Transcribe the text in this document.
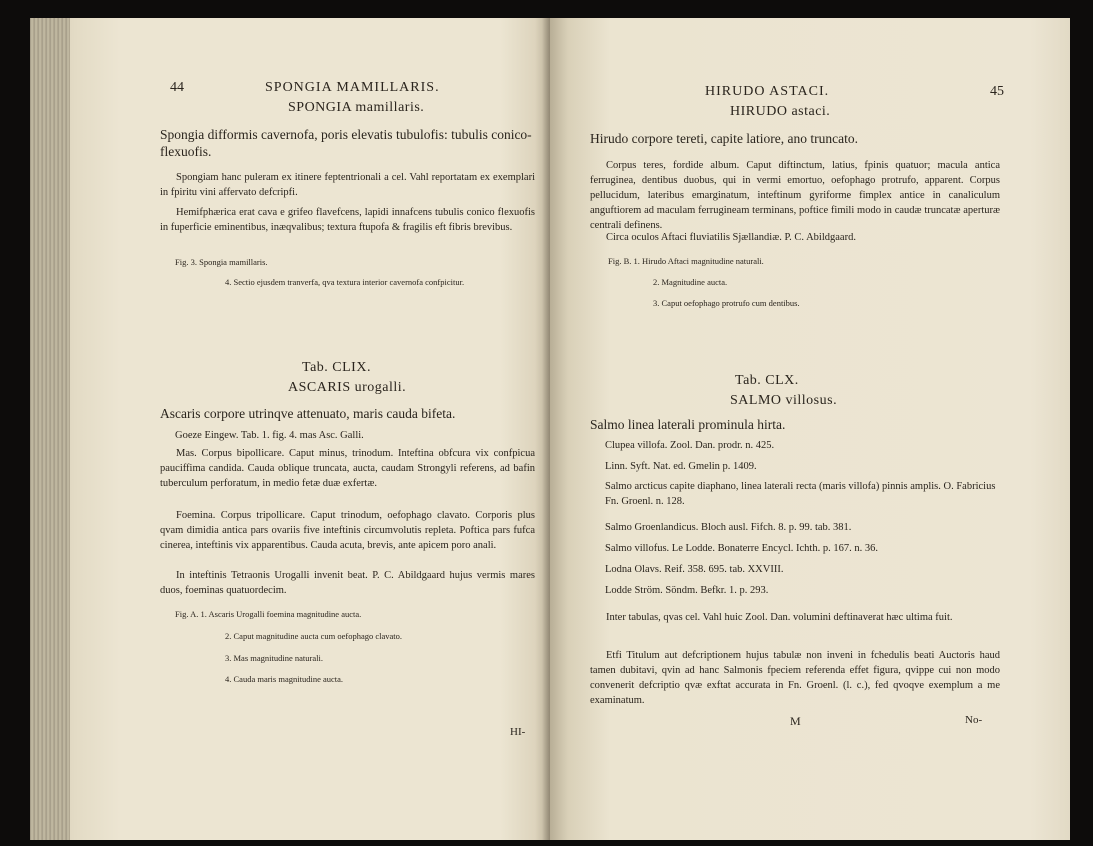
44	SPONGIA MAMILLARIS.
SPONGIA mamillaris.
Spongia difformis cavernofa, poris elevatis tubulofis: tubulis conico-flexuofis.
Spongiam hanc puleram ex itinere feptentrionali a cel. Vahl reportatam ex exemplari in fpiritu vini affervato defcripfi.
Hemifphærica erat cava e grifeo flavefcens, lapidi innafcens tubulis conico flexuofis in fuperficie eminentibus, inæqvalibus; textura ftupofa & fragilis eft fibris brevibus.
Fig. 3. Spongia mamillaris.
4. Sectio ejusdem tranverfa, qva textura interior cavernofa confpicitur.
Tab. CLIX.
ASCARIS urogalli.
Ascaris corpore utrinqve attenuato, maris cauda bifeta.
Goeze Eingew. Tab. 1. fig. 4. mas Asc. Galli.
Mas. Corpus bipollicare. Caput minus, trinodum. Inteftina obfcura vix confpicua pauciffima candida. Cauda oblique truncata, aucta, caudam Strongyli referens, ad bafin tuberculum perforatum, in medio fetæ duæ exfertæ.
Foemina. Corpus tripollicare. Caput trinodum, oefophago clavato. Corporis plus qvam dimidia antica pars ovariis five inteftinis circumvolutis repleta. Poftica pars fufca cinerea, inteftinis vix apparentibus. Cauda acuta, brevis, ante apicem poro anali.
In inteftinis Tetraonis Urogalli invenit beat. P. C. Abildgaard hujus vermis mares duos, foeminas quatuordecim.
Fig. A. 1. Ascaris Urogalli foemina magnitudine aucta.
2. Caput magnitudine aucta cum oefophago clavato.
3. Mas magnitudine naturali.
4. Cauda maris magnitudine aucta.
HI-
HIRUDO ASTACI.	45
HIRUDO astaci.
Hirudo corpore tereti, capite latiore, ano truncato.
Corpus teres, fordide album. Caput diftinctum, latius, fpinis quatuor; macula antica ferruginea, dentibus duobus, qui in vermi emortuo, oefophago protrufo, apparent. Corpus pellucidum, lateribus emarginatum, inteftinum gyriforme fimplex antice in canaliculum anguftiorem ad maculam ferrugineam terminans, poftice fimili modo in caudæ truncatæ aperturæ centrali definens.
Circa oculos Aftaci fluviatilis Sjællandiæ. P. C. Abildgaard.
Fig. B. 1. Hirudo Aftaci magnitudine naturali.
2. Magnitudine aucta.
3. Caput oefophago protrufo cum dentibus.
Tab. CLX.
SALMO villosus.
Salmo linea laterali prominula hirta.
Clupea villofa. Zool. Dan. prodr. n. 425.
Linn. Syft. Nat. ed. Gmelin p. 1409.
Salmo arcticus capite diaphano, linea laterali recta (maris villofa) pinnis amplis. O. Fabricius Fn. Groenl. n. 128.
Salmo Groenlandicus. Bloch ausl. Fifch. 8. p. 99. tab. 381.
Salmo villofus. Le Lodde. Bonaterre Encycl. Ichth. p. 167. n. 36.
Lodna Olavs. Reif. 358. 695. tab. XXVIII.
Lodde Ström. Söndm. Befkr. 1. p. 293.
Inter tabulas, qvas cel. Vahl huic Zool. Dan. volumini deftinaverat hæc ultima fuit.
Etfi Titulum aut defcriptionem hujus tabulæ non inveni in fchedulis beati Auctoris haud tamen dubitavi, qvin ad hanc Salmonis fpeciem referenda effet figura, qvippe cui non modo convenerit defcriptio qvæ exftat accurata in Fn. Groenl. (l. c.), fed qvoqve exemplum a me examinatum.
M	No-
